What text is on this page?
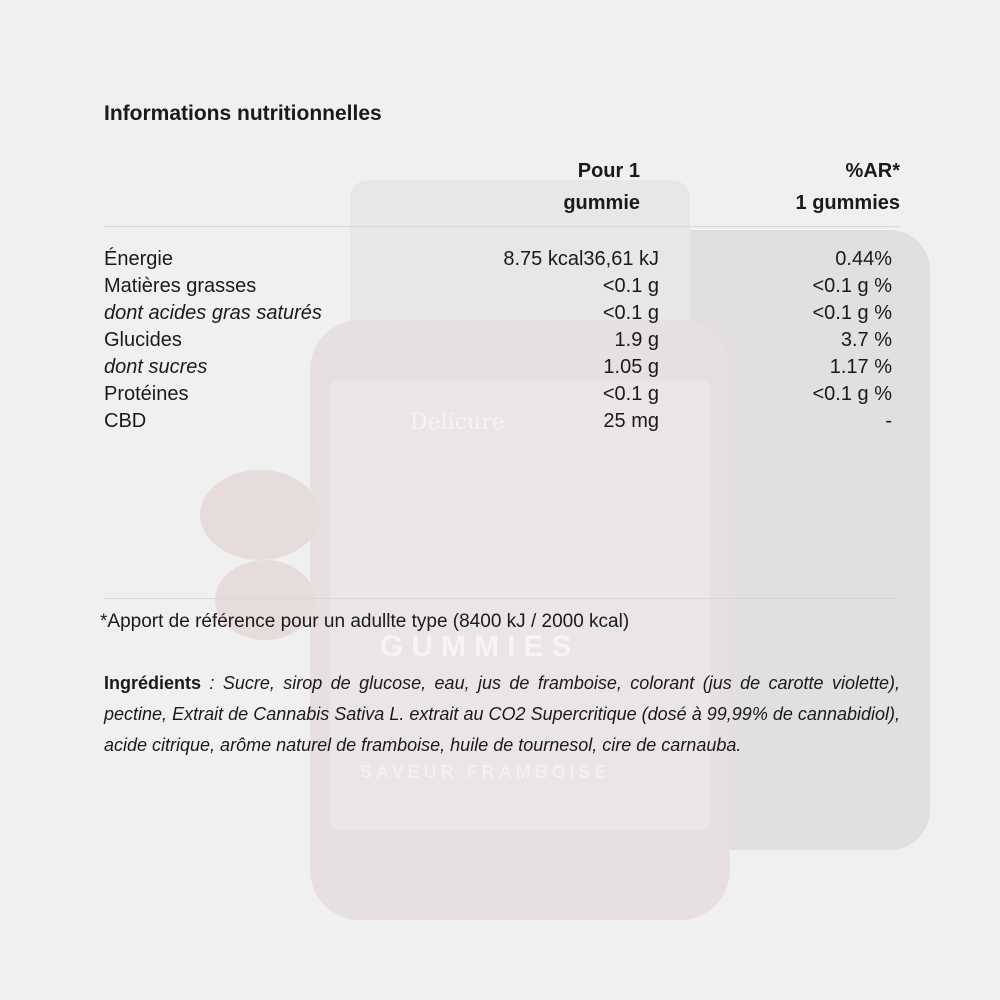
Delicure
GUMMIES
SAVEUR FRAMBOISE
Informations nutritionnelles
Pour 1
gummie
%AR*
1 gummies
Énergie	8.75 kcal36,61 kJ	0.44%
Matières grasses	<0.1 g	<0.1 g %
dont acides gras saturés	<0.1 g	<0.1 g %
Glucides	1.9 g	3.7 %
dont sucres	1.05 g	1.17 %
Protéines	<0.1 g	<0.1 g %
CBD	25 mg	-
*Apport de référence pour un adullte type (8400 kJ / 2000 kcal)
Ingrédients : Sucre, sirop de glucose, eau, jus de framboise, colorant (jus de carotte violette), pectine, Extrait de Cannabis Sativa L. extrait au CO2 Supercritique (dosé à 99,99% de cannabidiol), acide citrique, arôme naturel de framboise, huile de tournesol, cire de carnauba.
